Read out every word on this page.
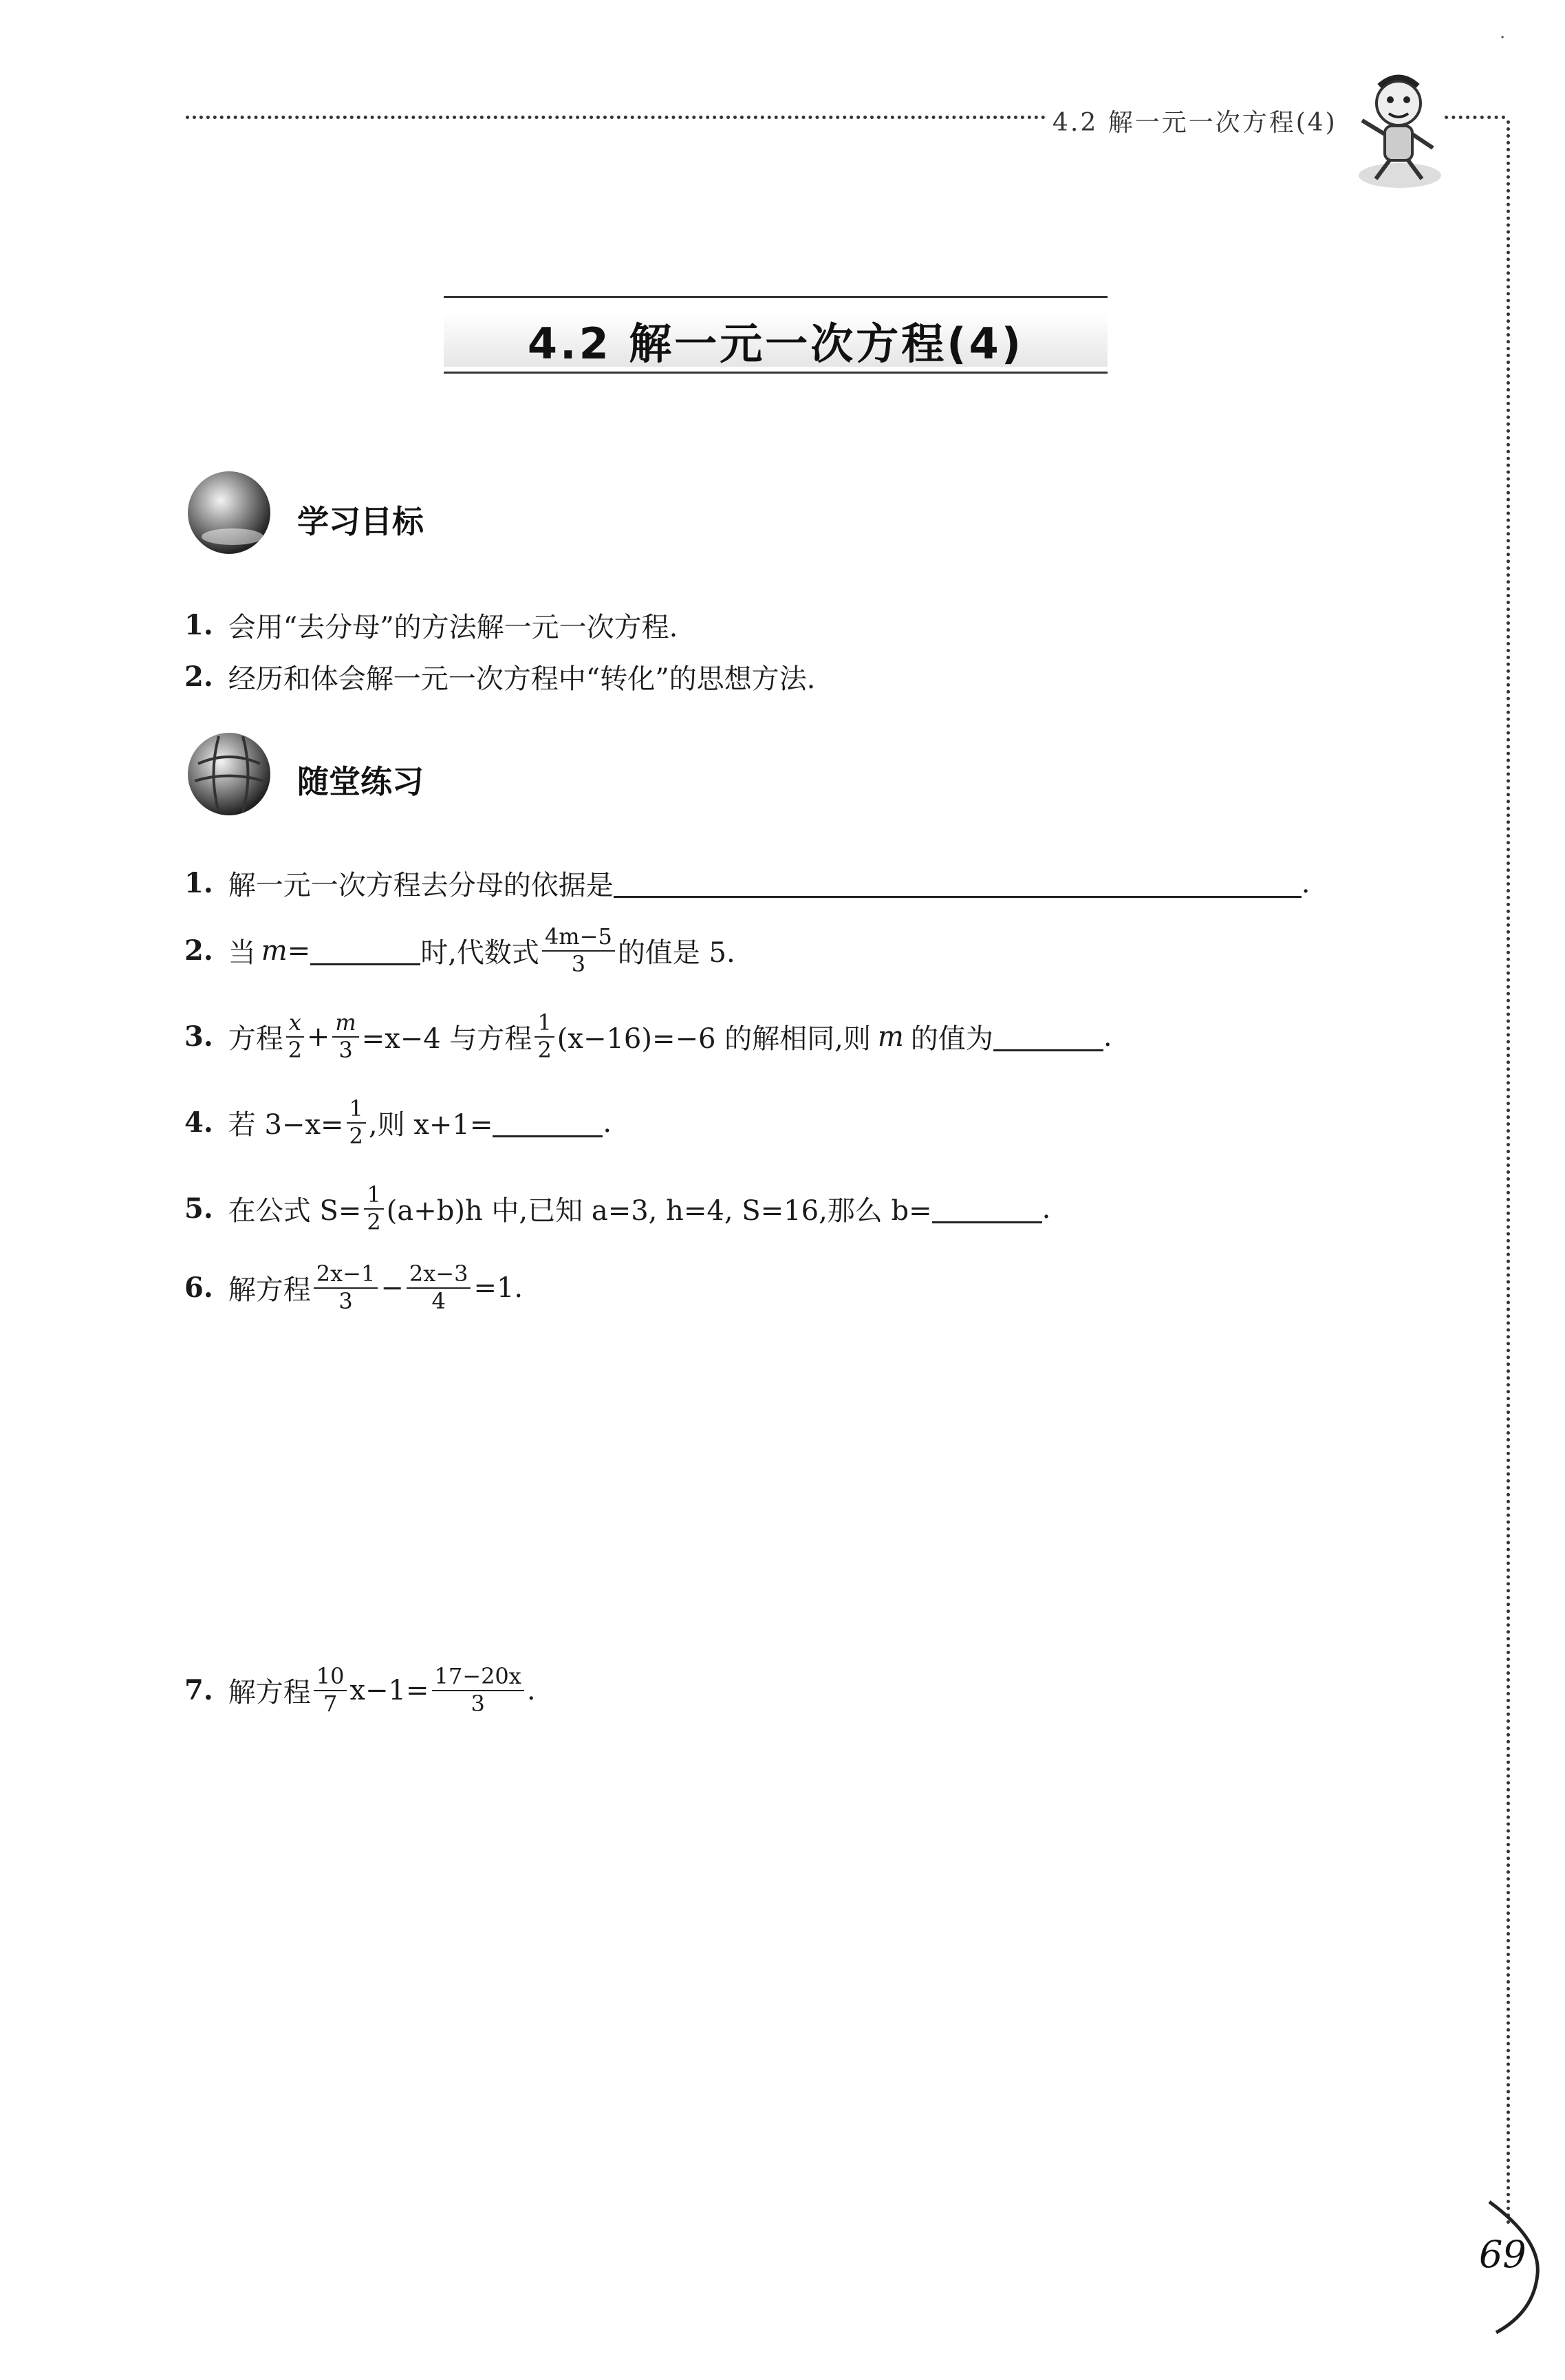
·
4.2 解一元一次方程(4)
4.2 解一元一次方程(4)
学习目标
1. 会用“去分母”的方法解一元一次方程.
2. 经历和体会解一元一次方程中“转化”的思想方法.
随堂练习
1. 解一元一次方程去分母的依据是	.
2. 当 m =	时,代数式 $\frac{4m-5}{3}$ 的值是 5.
3. 方程 $\frac{x}{2} + \frac{m}{3} =x-4$ 与方程 $\frac{1}{2} (x-16)=-6$ 的解相同,则 m 的值为	.
4. 若 $3-x= \frac{1}{2}$ ,则 x+1=	.
5. 在公式 $S= \frac{1}{2} (a+b)h$ 中,已知 a=3, h=4, S=16,那么 b=	.
6. 解方程 $\frac{2x-1}{3} - \frac{2x-3}{4} =1$.
7. 解方程 $\frac{10}{7} x-1= \frac{17-20x}{3}$ .
69
